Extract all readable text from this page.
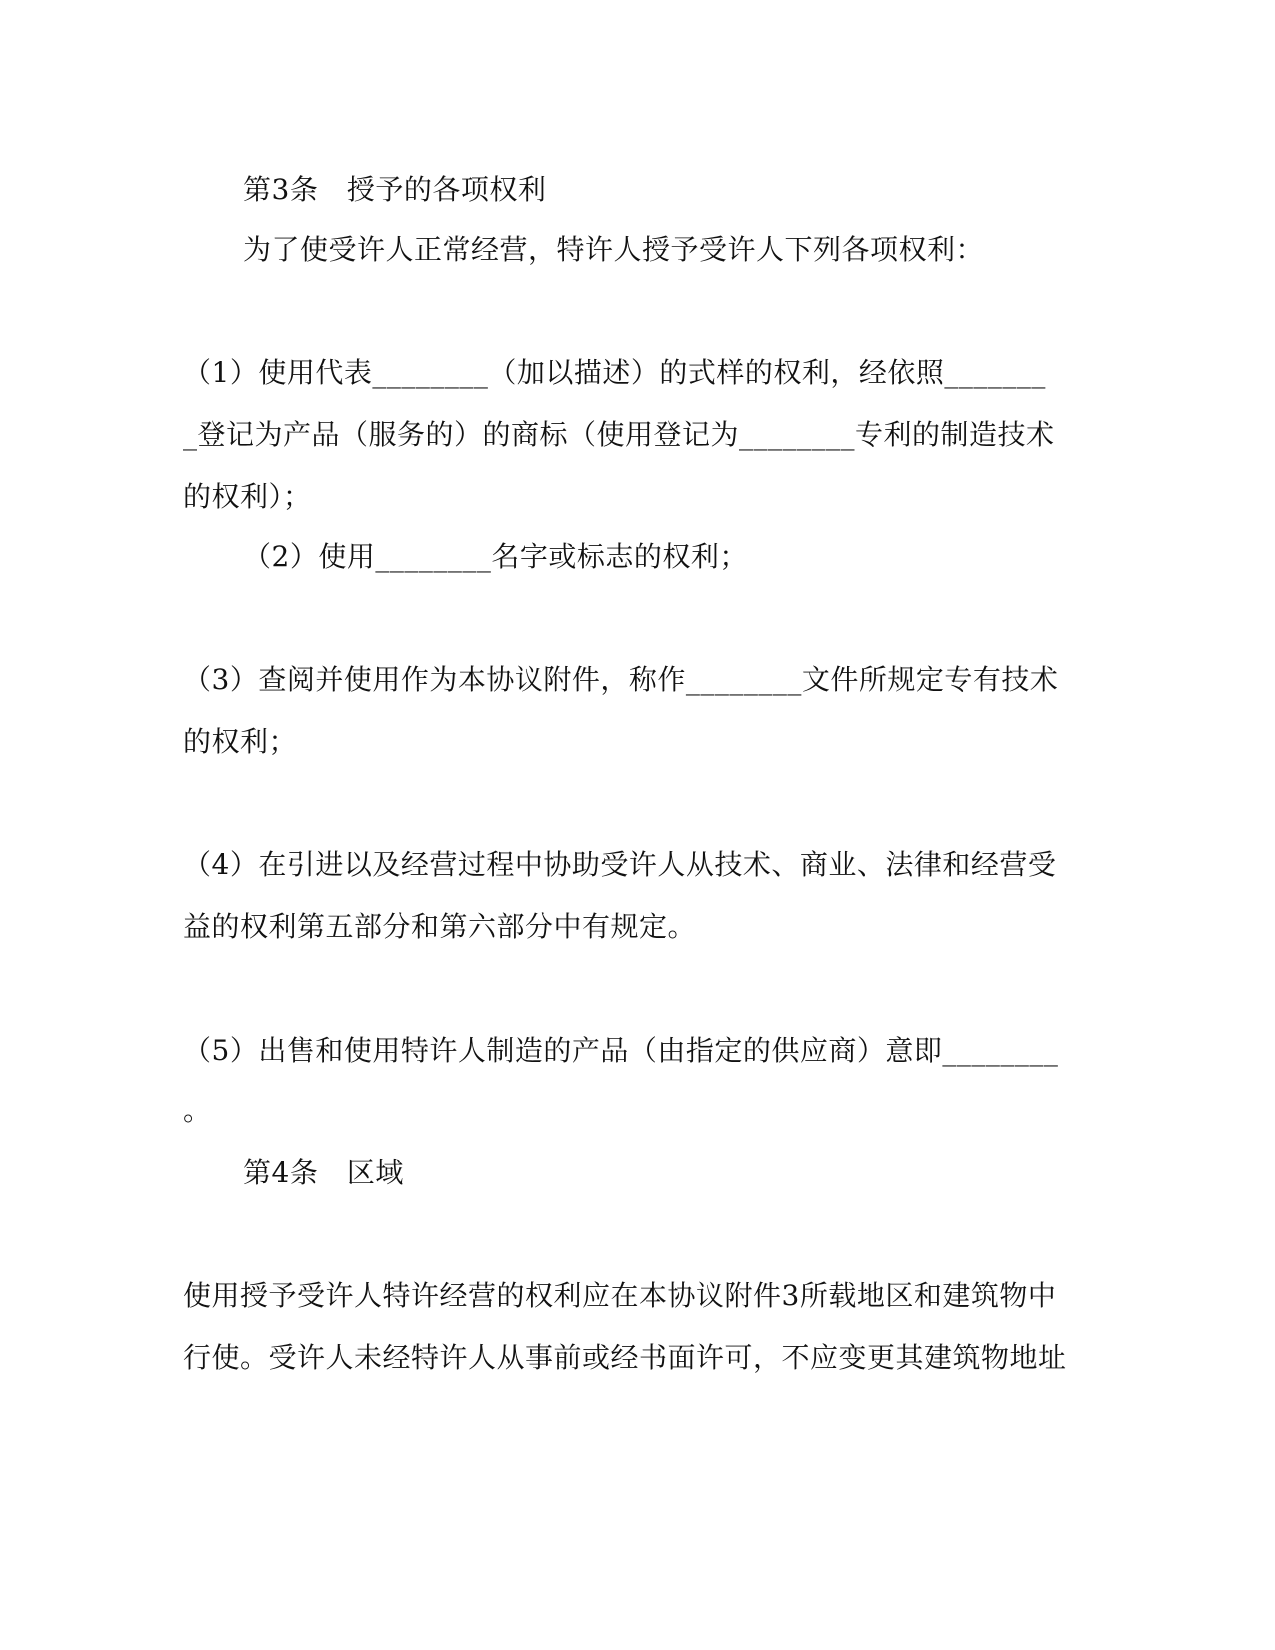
第3条　授予的各项权利
为了使受许人正常经营，特许人授予受许人下列各项权利：
（1）使用代表________（加以描述）的式样的权利，经依照_______
_登记为产品（服务的）的商标（使用登记为________专利的制造技术
的权利）；
（2）使用________名字或标志的权利；
（3）查阅并使用作为本协议附件，称作________文件所规定专有技术
的权利；
（4）在引进以及经营过程中协助受许人从技术、商业、法律和经营受
益的权利第五部分和第六部分中有规定。
（5）出售和使用特许人制造的产品（由指定的供应商）意即________
。
第4条　区域
使用授予受许人特许经营的权利应在本协议附件3所载地区和建筑物中
行使。受许人未经特许人从事前或经书面许可，不应变更其建筑物地址
